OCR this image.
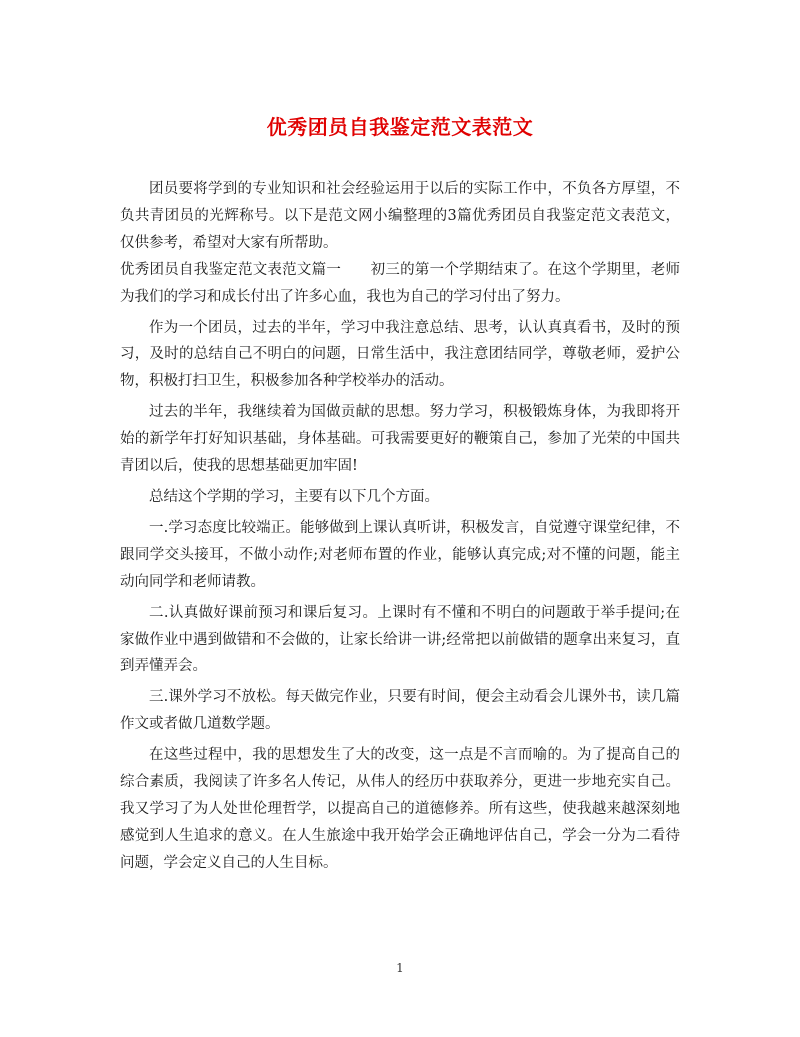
优秀团员自我鉴定范文表范文

团员要将学到的专业知识和社会经验运用于以后的实际工作中，不负各方厚望，不负共青团员的光辉称号。以下是范文网小编整理的3篇优秀团员自我鉴定范文表范文，仅供参考，希望对大家有所帮助。

优秀团员自我鉴定范文表范文篇一　　初三的第一个学期结束了。在这个学期里，老师为我们的学习和成长付出了许多心血，我也为自己的学习付出了努力。

作为一个团员，过去的半年，学习中我注意总结、思考，认认真真看书，及时的预习，及时的总结自己不明白的问题，日常生活中，我注意团结同学，尊敬老师，爱护公物，积极打扫卫生，积极参加各种学校举办的活动。

过去的半年，我继续着为国做贡献的思想。努力学习，积极锻炼身体，为我即将开始的新学年打好知识基础，身体基础。可我需要更好的鞭策自己，参加了光荣的中国共青团以后，使我的思想基础更加牢固!

总结这个学期的学习，主要有以下几个方面。

一.学习态度比较端正。能够做到上课认真听讲，积极发言，自觉遵守课堂纪律，不跟同学交头接耳，不做小动作;对老师布置的作业，能够认真完成;对不懂的问题，能主动向同学和老师请教。

二.认真做好课前预习和课后复习。上课时有不懂和不明白的问题敢于举手提问;在家做作业中遇到做错和不会做的，让家长给讲一讲;经常把以前做错的题拿出来复习，直到弄懂弄会。

三.课外学习不放松。每天做完作业，只要有时间，便会主动看会儿课外书，读几篇作文或者做几道数学题。

在这些过程中，我的思想发生了大的改变，这一点是不言而喻的。为了提高自己的综合素质，我阅读了许多名人传记，从伟人的经历中获取养分，更进一步地充实自己。我又学习了为人处世伦理哲学，以提高自己的道德修养。所有这些，使我越来越深刻地感觉到人生追求的意义。在人生旅途中我开始学会正确地评估自己，学会一分为二看待问题，学会定义自己的人生目标。

1
